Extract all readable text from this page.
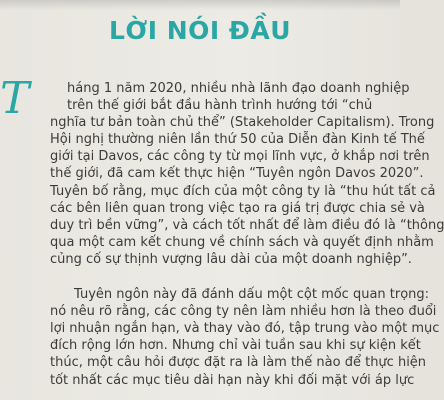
LỜI NÓI ĐẦU
T	háng 1 năm 2020, nhiều nhà lãnh đạo doanh nghiệp
trên thế giới bắt đầu hành trình hướng tới “chủ
nghĩa tư bản toàn chủ thể” (Stakeholder Capitalism). Trong
Hội nghị thường niên lần thứ 50 của Diễn đàn Kinh tế Thế
giới tại Davos, các công ty từ mọi lĩnh vực, ở khắp nơi trên
thế giới, đã cam kết thực hiện “Tuyên ngôn Davos 2020”.
Tuyên bố rằng, mục đích của một công ty là “thu hút tất cả
các bên liên quan trong việc tạo ra giá trị được chia sẻ và
duy trì bền vững”, và cách tốt nhất để làm điều đó là “thông
qua một cam kết chung về chính sách và quyết định nhằm
củng cố sự thịnh vượng lâu dài của một doanh nghiệp”.

Tuyên ngôn này đã đánh dấu một cột mốc quan trọng:
nó nêu rõ rằng, các công ty nên làm nhiều hơn là theo đuổi
lợi nhuận ngắn hạn, và thay vào đó, tập trung vào một mục
đích rộng lớn hơn. Nhưng chỉ vài tuần sau khi sự kiện kết
thúc, một câu hỏi được đặt ra là làm thế nào để thực hiện
tốt nhất các mục tiêu dài hạn này khi đối mặt với áp lực
